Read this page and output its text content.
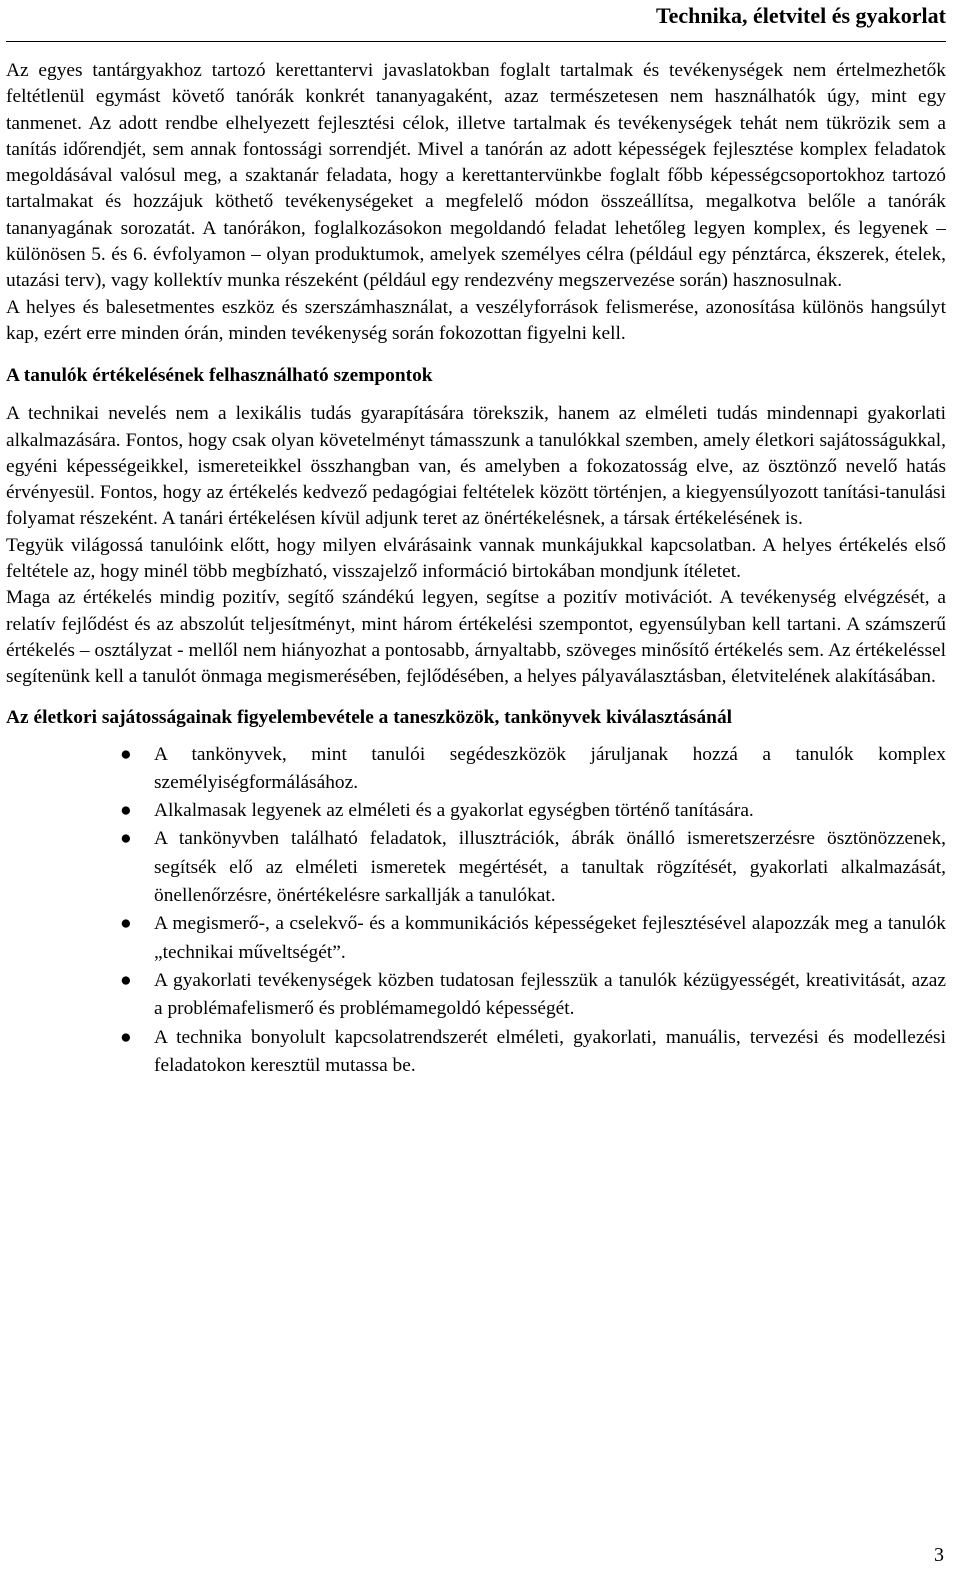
Technika, életvitel és gyakorlat

Az egyes tantárgyakhoz tartozó kerettantervi javaslatokban foglalt tartalmak és tevékenységek nem értelmezhetők feltétlenül egymást követő tanórák konkrét tananyagaként, azaz természetesen nem használhatók úgy, mint egy tanmenet. Az adott rendbe elhelyezett fejlesztési célok, illetve tartalmak és tevékenységek tehát nem tükrözik sem a tanítás időrendjét, sem annak fontossági sorrendjét. Mivel a tanórán az adott képességek fejlesztése komplex feladatok megoldásával valósul meg, a szaktanár feladata, hogy a kerettantervünkbe foglalt főbb képességcsoportokhoz tartozó tartalmakat és hozzájuk köthető tevékenységeket a megfelelő módon összeállítsa, megalkotva belőle a tanórák tananyagának sorozatát. A tanórákon, foglalkozásokon megoldandó feladat lehetőleg legyen komplex, és legyenek – különösen 5. és 6. évfolyamon – olyan produktumok, amelyek személyes célra (például egy pénztárca, ékszerek, ételek, utazási terv), vagy kollektív munka részeként (például egy rendezvény megszervezése során) hasznosulnak.

A helyes és balesetmentes eszköz és szerszámhasználat, a veszélyforrások felismerése, azonosítása különös hangsúlyt kap, ezért erre minden órán, minden tevékenység során fokozottan figyelni kell.

A tanulók értékelésének felhasználható szempontok

A technikai nevelés nem a lexikális tudás gyarapítására törekszik, hanem az elméleti tudás mindennapi gyakorlati alkalmazására. Fontos, hogy csak olyan követelményt támasszunk a tanulókkal szemben, amely életkori sajátosságukkal, egyéni képességeikkel, ismereteikkel összhangban van, és amelyben a fokozatosság elve, az ösztönző nevelő hatás érvényesül. Fontos, hogy az értékelés kedvező pedagógiai feltételek között történjen, a kiegyensúlyozott tanítási-tanulási folyamat részeként. A tanári értékelésen kívül adjunk teret az önértékelésnek, a társak értékelésének is.

Tegyük világossá tanulóink előtt, hogy milyen elvárásaink vannak munkájukkal kapcsolatban. A helyes értékelés első feltétele az, hogy minél több megbízható, visszajelző információ birtokában mondjunk ítéletet.

Maga az értékelés mindig pozitív, segítő szándékú legyen, segítse a pozitív motivációt. A tevékenység elvégzését, a relatív fejlődést és az abszolút teljesítményt, mint három értékelési szempontot, egyensúlyban kell tartani. A számszerű értékelés – osztályzat - mellől nem hiányozhat a pontosabb, árnyaltabb, szöveges minősítő értékelés sem. Az értékeléssel segítenünk kell a tanulót önmaga megismerésében, fejlődésében, a helyes pályaválasztásban, életvitelének alakításában.

Az életkori sajátosságainak figyelembevétele a taneszközök, tankönyvek kiválasztásánál
● A tankönyvek, mint tanulói segédeszközök járuljanak hozzá a tanulók komplex személyiségformálásához.
● Alkalmasak legyenek az elméleti és a gyakorlat egységben történő tanítására.
● A tankönyvben található feladatok, illusztrációk, ábrák önálló ismeretszerzésre ösztönözzenek, segítsék elő az elméleti ismeretek megértését, a tanultak rögzítését, gyakorlati alkalmazását, önellenőrzésre, önértékelésre sarkallják a tanulókat.
● A megismerő-, a cselekvő- és a kommunikációs képességeket fejlesztésével alapozzák meg a tanulók „technikai műveltségét”.
● A gyakorlati tevékenységek közben tudatosan fejlesszük a tanulók kézügyességét, kreativitását, azaz a problémafelismerő és problémamegoldó képességét.
● A technika bonyolult kapcsolatrendszerét elméleti, gyakorlati, manuális, tervezési és modellezési feladatokon keresztül mutassa be.
3
